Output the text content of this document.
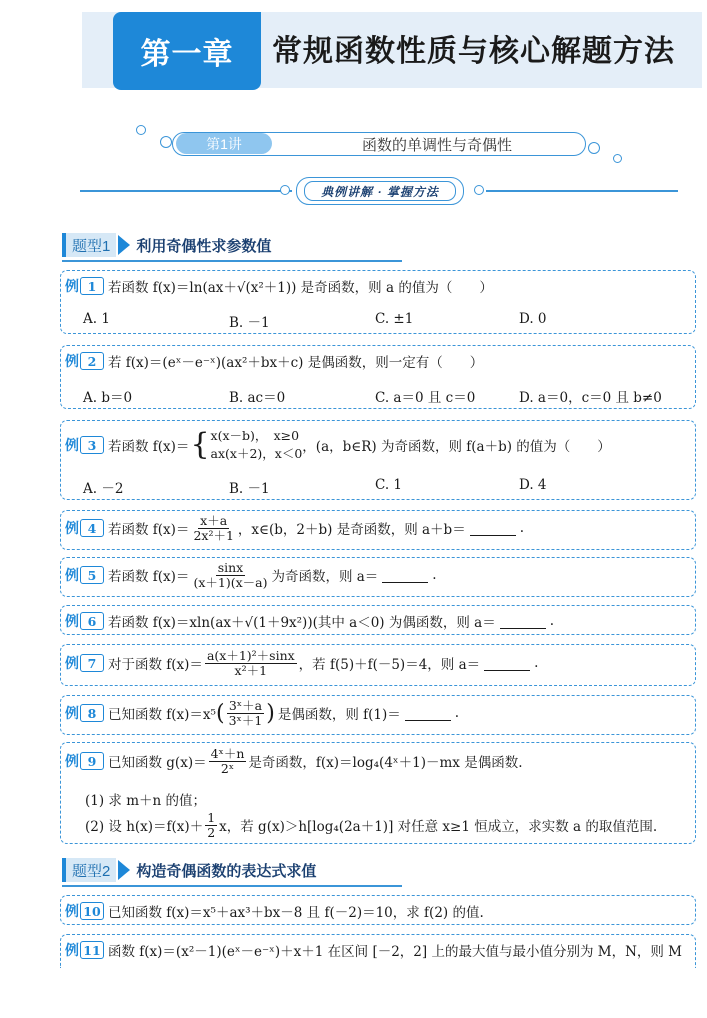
第一章	常规函数性质与核心解题方法
第1讲	函数的单调性与奇偶性
典例讲解 · 掌握方法
题型1	利用奇偶性求参数值
例 1 若函数 f(x)＝ln(ax＋√(x²＋1)) 是奇函数，则 a 的值为（　　）
A. 1	B. －1	C. ±1	D. 0
例 2 若 f(x)＝(eˣ－e⁻ˣ)(ax²＋bx＋c) 是偶函数，则一定有（　　）
A. b＝0	B. ac＝0	C. a＝0 且 c＝0	D. a＝0，c＝0 且 b≠0
例 3 若函数 f(x)＝ { x(x－b)，　x≥0
ax(x＋2)，x＜0 ，(a，b∈R) 为奇函数，则 f(a＋b) 的值为（　　）
A. －2	B. －1	C. 1	D. 4
例 4 若函数 $f(x)= \frac{x+a}{\text{2x²＋1}}$ ，x∈(b，2＋b) 是奇函数，则 a＋b＝	.
例 5 若函数 $f(x)= \frac{\sin x}{(x+1)(x-a)}$ 为奇函数，则 a＝	.
例 6 若函数 f(x)＝xln(ax＋√(1＋9x²))(其中 a＜0) 为偶函数，则 a＝	.
例 7 对于函数 $f(x)= \frac{\text{a(x＋1)²＋sinx}}{\text{x²＋1}}$ ，若 f(5)＋f(－5)＝4，则 a＝	.
例 8 已知函数 f(x)＝x⁵ ( $\frac{\text{3ˣ＋a}}{\text{3ˣ＋1}}$ ) 是偶函数，则 f(1)＝	.
例 9 已知函数 $g(x)= \frac{\text{4ˣ＋n}}{\text{2ˣ}}$ 是奇函数，f(x)＝log₄(4ˣ＋1)－mx 是偶函数.
(1) 求 m＋n 的值；
(2) 设 $h(x)=f(x)+ \frac{1}{2}$ x，若 g(x)＞h[log₄(2a＋1)] 对任意 x≥1 恒成立，求实数 a 的取值范围.
题型2	构造奇偶函数的表达式求值
例 10 已知函数 f(x)＝x⁵＋ax³＋bx－8 且 f(－2)＝10，求 f(2) 的值.
例 11 函数 f(x)＝(x²－1)(eˣ－e⁻ˣ)＋x＋1 在区间 [－2，2] 上的最大值与最小值分别为 M，N，则 M
